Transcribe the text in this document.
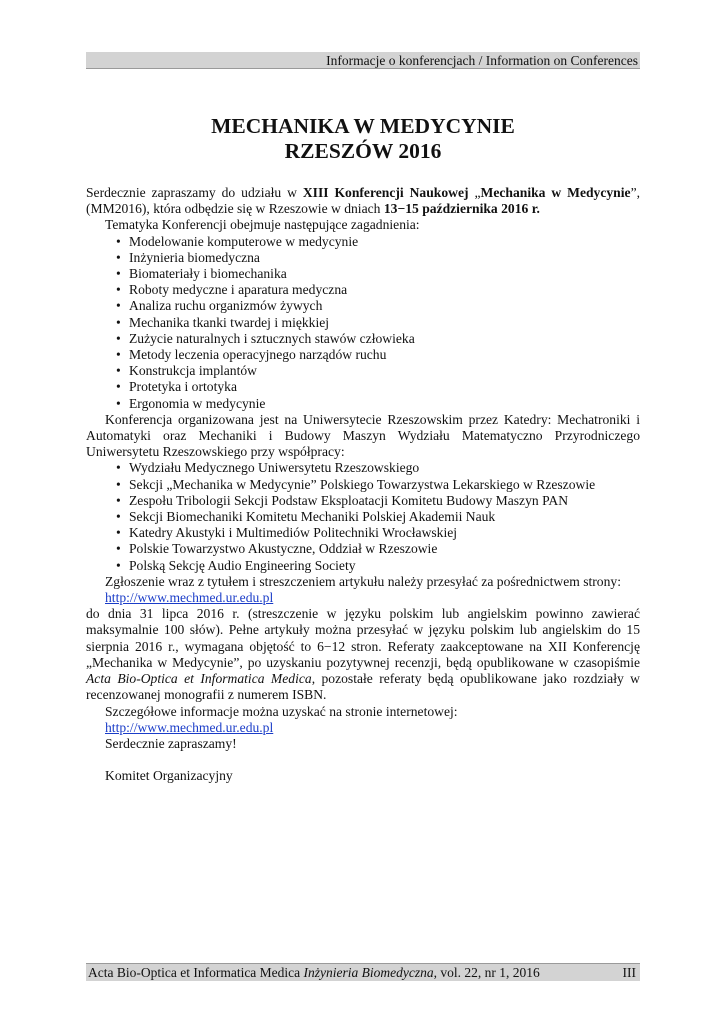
Informacje o konferencjach / Information on Conferences
MECHANIKA W MEDYCYNIE
RZESZÓW 2016

Serdecznie zapraszamy do udziału w XIII Konferencji Naukowej „Mechanika w Medycynie”, (MM2016), która odbędzie się w Rzeszowie w dniach 13−15 października 2016 r.

Tematyka Konferencji obejmuje następujące zagadnienia:

• Modelowanie komputerowe w medycynie
• Inżynieria biomedyczna
• Biomateriały i biomechanika
• Roboty medyczne i aparatura medyczna
• Analiza ruchu organizmów żywych
• Mechanika tkanki twardej i miękkiej
• Zużycie naturalnych i sztucznych stawów człowieka
• Metody leczenia operacyjnego narządów ruchu
• Konstrukcja implantów
• Protetyka i ortotyka
• Ergonomia w medycynie

Konferencja organizowana jest na Uniwersytecie Rzeszowskim przez Katedry: Mechatroniki i Automatyki oraz Mechaniki i Budowy Maszyn Wydziału Matematyczno Przyrodniczego Uniwersytetu Rzeszowskiego przy współpracy:

• Wydziału Medycznego Uniwersytetu Rzeszowskiego
• Sekcji „Mechanika w Medycynie” Polskiego Towarzystwa Lekarskiego w Rzeszowie
• Zespołu Tribologii Sekcji Podstaw Eksploatacji Komitetu Budowy Maszyn PAN
• Sekcji Biomechaniki Komitetu Mechaniki Polskiej Akademii Nauk
• Katedry Akustyki i Multimediów Politechniki Wrocławskiej
• Polskie Towarzystwo Akustyczne, Oddział w Rzeszowie
• Polską Sekcję Audio Engineering Society

Zgłoszenie wraz z tytułem i streszczeniem artykułu należy przesyłać za pośrednictwem strony:

http://www.mechmed.ur.edu.pl

do dnia 31 lipca 2016 r. (streszczenie w języku polskim lub angielskim powinno zawierać maksymalnie 100 słów). Pełne artykuły można przesyłać w języku polskim lub angielskim do 15 sierpnia 2016 r., wymagana objętość to 6−12 stron. Referaty zaakceptowane na XII Konferencję „Mechanika w Medycynie”, po uzyskaniu pozytywnej recenzji, będą opublikowane w czasopiśmie Acta Bio-Optica et Informatica Medica, pozostałe referaty będą opublikowane jako rozdziały w recenzowanej monografii z numerem ISBN.

Szczegółowe informacje można uzyskać na stronie internetowej:

http://www.mechmed.ur.edu.pl

Serdecznie zapraszamy!

Komitet Organizacyjny

Acta Bio-Optica et Informatica Medica Inżynieria Biomedyczna, vol. 22, nr 1, 2016	III
